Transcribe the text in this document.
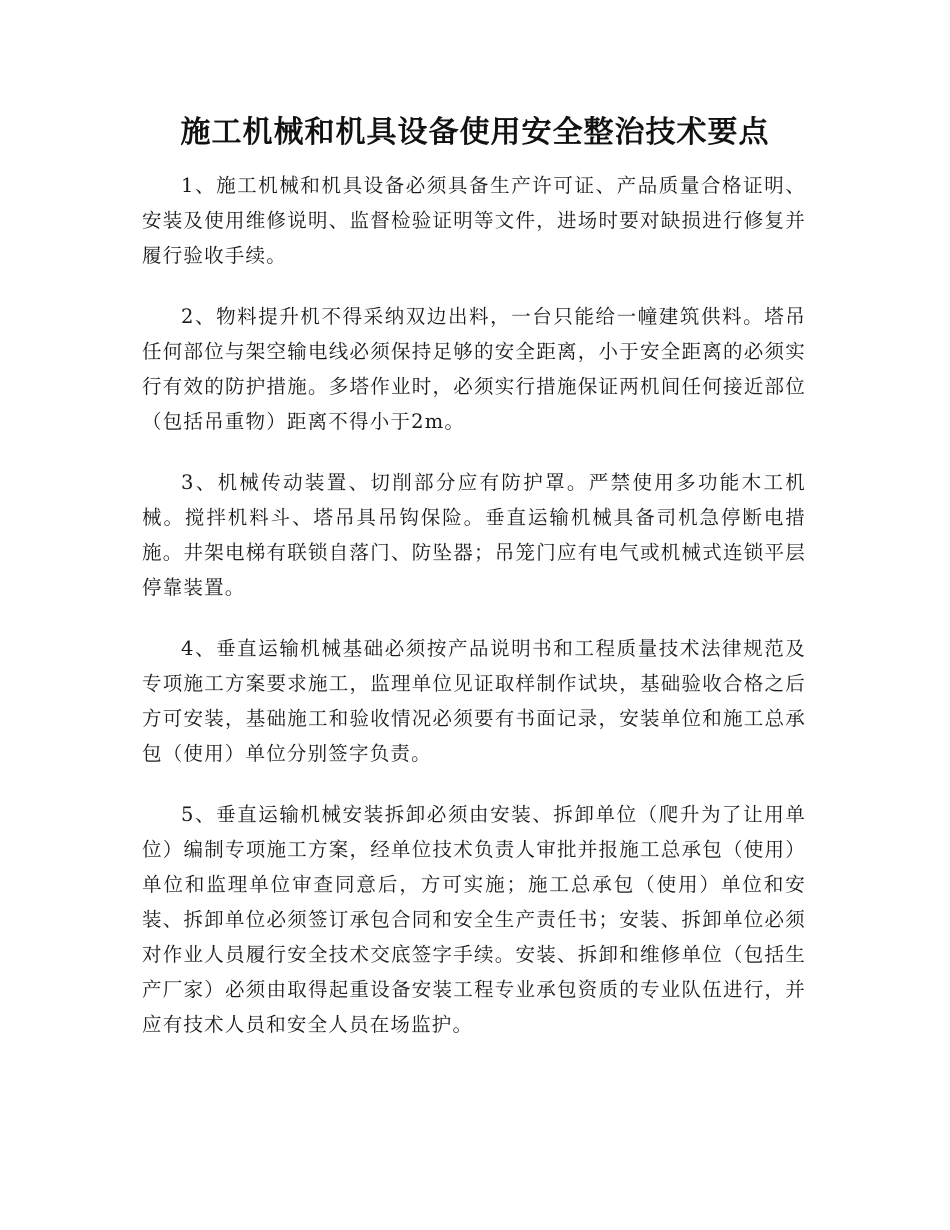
施工机械和机具设备使用安全整治技术要点

1、施工机械和机具设备必须具备生产许可证、产品质量合格证明、安装及使用维修说明、监督检验证明等文件，进场时要对缺损进行修复并履行验收手续。

2、物料提升机不得采纳双边出料，一台只能给一幢建筑供料。塔吊任何部位与架空输电线必须保持足够的安全距离，小于安全距离的必须实行有效的防护措施。多塔作业时，必须实行措施保证两机间任何接近部位（包括吊重物）距离不得小于2m。

3、机械传动装置、切削部分应有防护罩。严禁使用多功能木工机械。搅拌机料斗、塔吊具吊钩保险。垂直运输机械具备司机急停断电措施。井架电梯有联锁自落门、防坠器；吊笼门应有电气或机械式连锁平层停靠装置。

4、垂直运输机械基础必须按产品说明书和工程质量技术法律规范及专项施工方案要求施工，监理单位见证取样制作试块，基础验收合格之后方可安装，基础施工和验收情况必须要有书面记录，安装单位和施工总承包（使用）单位分别签字负责。

5、垂直运输机械安装拆卸必须由安装、拆卸单位（爬升为了让用单位）编制专项施工方案，经单位技术负责人审批并报施工总承包（使用）单位和监理单位审查同意后，方可实施；施工总承包（使用）单位和安装、拆卸单位必须签订承包合同和安全生产责任书；安装、拆卸单位必须对作业人员履行安全技术交底签字手续。安装、拆卸和维修单位（包括生产厂家）必须由取得起重设备安装工程专业承包资质的专业队伍进行，并应有技术人员和安全人员在场监护。
